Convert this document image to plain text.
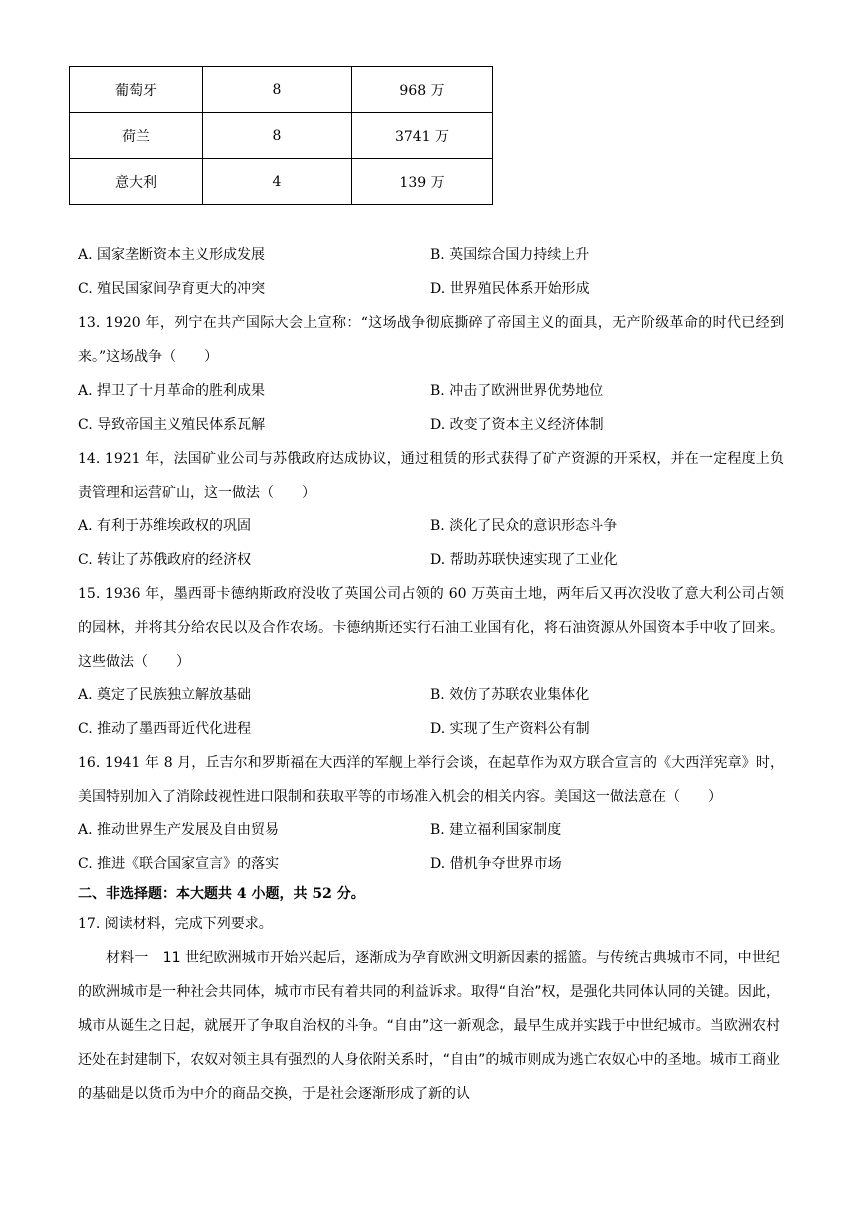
葡萄牙	8	968 万
荷兰	8	3741 万
意大利	4	139 万
A. 国家垄断资本主义形成发展	B. 英国综合国力持续上升
C. 殖民国家间孕育更大的冲突	D. 世界殖民体系开始形成
13. 1920 年，列宁在共产国际大会上宣称：“这场战争彻底撕碎了帝国主义的面具，无产阶级革命的时代已经到来。”这场战争（　　）
A. 捍卫了十月革命的胜利成果	B. 冲击了欧洲世界优势地位
C. 导致帝国主义殖民体系瓦解	D. 改变了资本主义经济体制
14. 1921 年，法国矿业公司与苏俄政府达成协议，通过租赁的形式获得了矿产资源的开采权，并在一定程度上负责管理和运营矿山，这一做法（　　）
A. 有利于苏维埃政权的巩固	B. 淡化了民众的意识形态斗争
C. 转让了苏俄政府的经济权	D. 帮助苏联快速实现了工业化
15. 1936 年，墨西哥卡德纳斯政府没收了英国公司占领的 60 万英亩土地，两年后又再次没收了意大利公司占领的园林，并将其分给农民以及合作农场。卡德纳斯还实行石油工业国有化，将石油资源从外国资本手中收了回来。这些做法（　　）
A. 奠定了民族独立解放基础	B. 效仿了苏联农业集体化
C. 推动了墨西哥近代化进程	D. 实现了生产资料公有制
16. 1941 年 8 月，丘吉尔和罗斯福在大西洋的军舰上举行会谈，在起草作为双方联合宣言的《大西洋宪章》时，美国特别加入了消除歧视性进口限制和获取平等的市场准入机会的相关内容。美国这一做法意在（　　）
A. 推动世界生产发展及自由贸易	B. 建立福利国家制度
C. 推进《联合国家宣言》的落实	D. 借机争夺世界市场
二、非选择题：本大题共 4 小题，共 52 分。
17. 阅读材料，完成下列要求。
材料一　11 世纪欧洲城市开始兴起后，逐渐成为孕育欧洲文明新因素的摇篮。与传统古典城市不同，中世纪的欧洲城市是一种社会共同体，城市市民有着共同的利益诉求。取得“自治”权，是强化共同体认同的关键。因此，城市从诞生之日起，就展开了争取自治权的斗争。“自由”这一新观念，最早生成并实践于中世纪城市。当欧洲农村还处在封建制下，农奴对领主具有强烈的人身依附关系时，“自由”的城市则成为逃亡农奴心中的圣地。城市工商业的基础是以货币为中介的商品交换，于是社会逐渐形成了新的认
